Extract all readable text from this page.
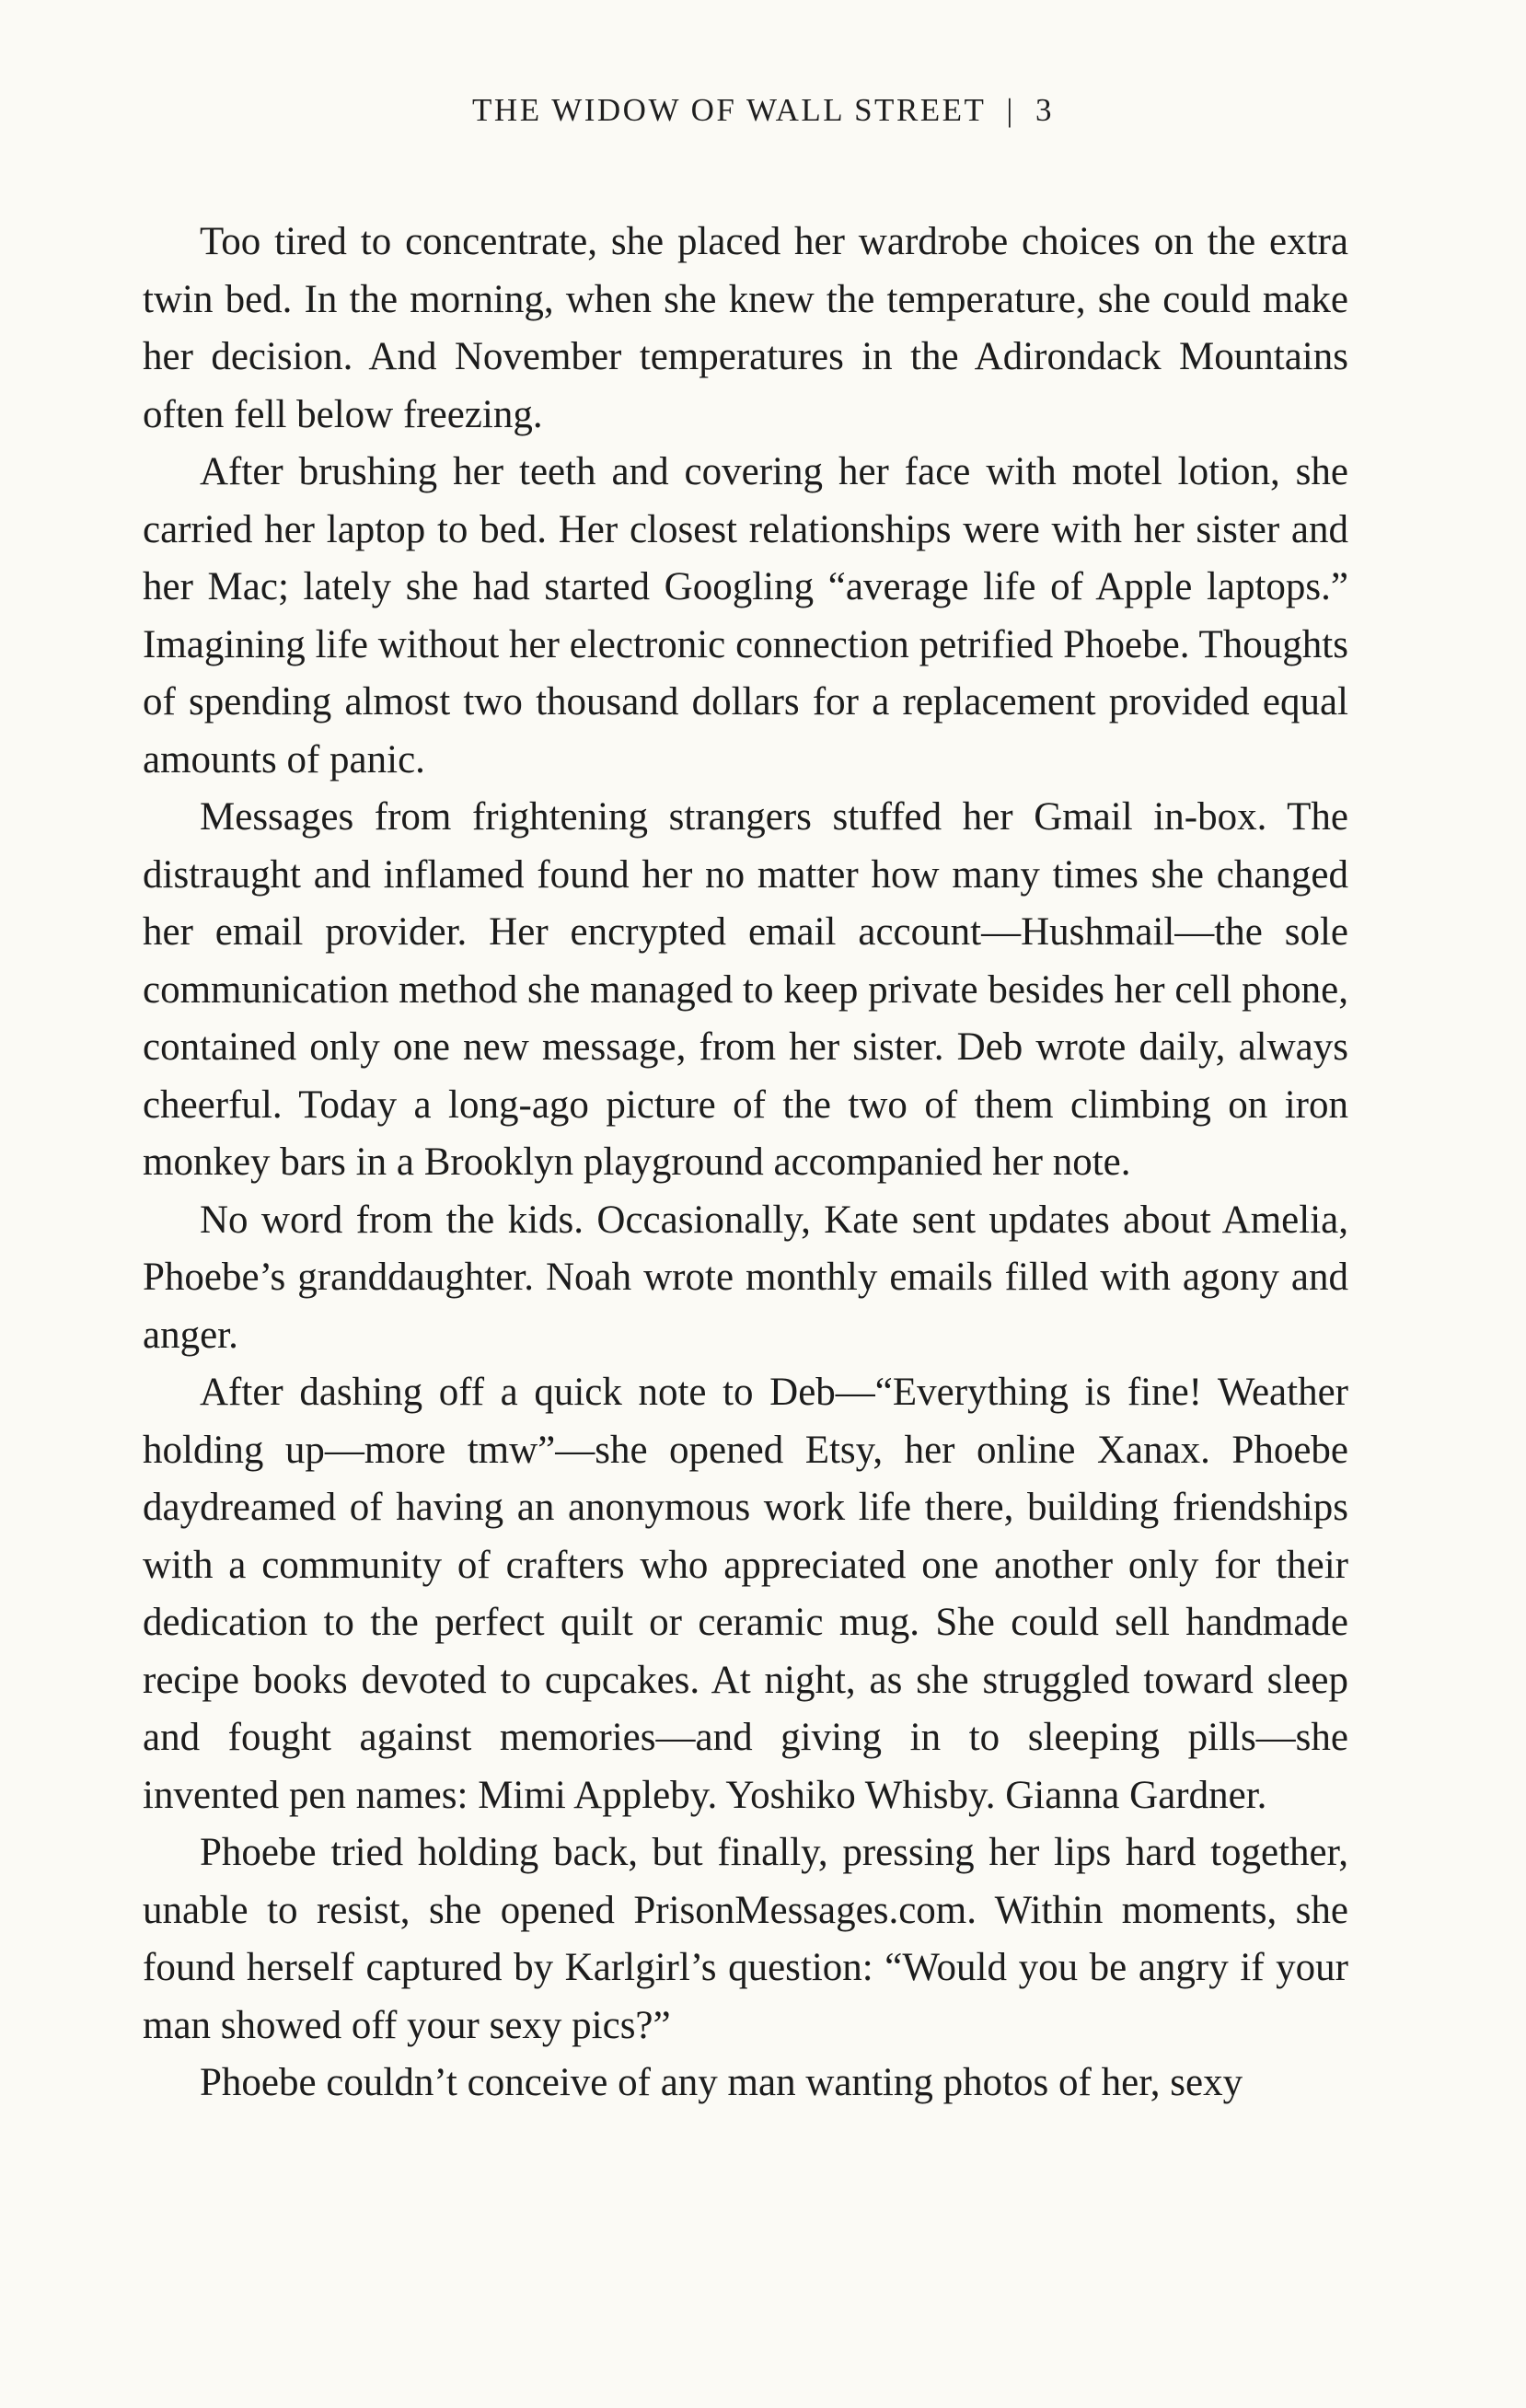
THE WIDOW OF WALL STREET | 3

Too tired to concentrate, she placed her wardrobe choices on the extra twin bed. In the morning, when she knew the temperature, she could make her decision. And November temperatures in the Adirondack Mountains often fell below freezing.

After brushing her teeth and covering her face with motel lotion, she carried her laptop to bed. Her closest relationships were with her sister and her Mac; lately she had started Googling “average life of Apple laptops.” Imagining life without her electronic connection petrified Phoebe. Thoughts of spending almost two thousand dollars for a replacement provided equal amounts of panic.

Messages from frightening strangers stuffed her Gmail in-box. The distraught and inflamed found her no matter how many times she changed her email provider. Her encrypted email account—Hushmail—the sole communication method she managed to keep private besides her cell phone, contained only one new message, from her sister. Deb wrote daily, always cheerful. Today a long-ago picture of the two of them climbing on iron monkey bars in a Brooklyn playground accompanied her note.

No word from the kids. Occasionally, Kate sent updates about Amelia, Phoebe’s granddaughter. Noah wrote monthly emails filled with agony and anger.

After dashing off a quick note to Deb—“Everything is fine! Weather holding up—more tmw”—she opened Etsy, her online Xanax. Phoebe daydreamed of having an anonymous work life there, building friendships with a community of crafters who appreciated one another only for their dedication to the perfect quilt or ceramic mug. She could sell handmade recipe books devoted to cupcakes. At night, as she struggled toward sleep and fought against memories—and giving in to sleeping pills—she invented pen names: Mimi Appleby. Yoshiko Whisby. Gianna Gardner.

Phoebe tried holding back, but finally, pressing her lips hard together, unable to resist, she opened PrisonMessages.com. Within moments, she found herself captured by Karlgirl’s question: “Would you be angry if your man showed off your sexy pics?”

Phoebe couldn’t conceive of any man wanting photos of her, sexy
